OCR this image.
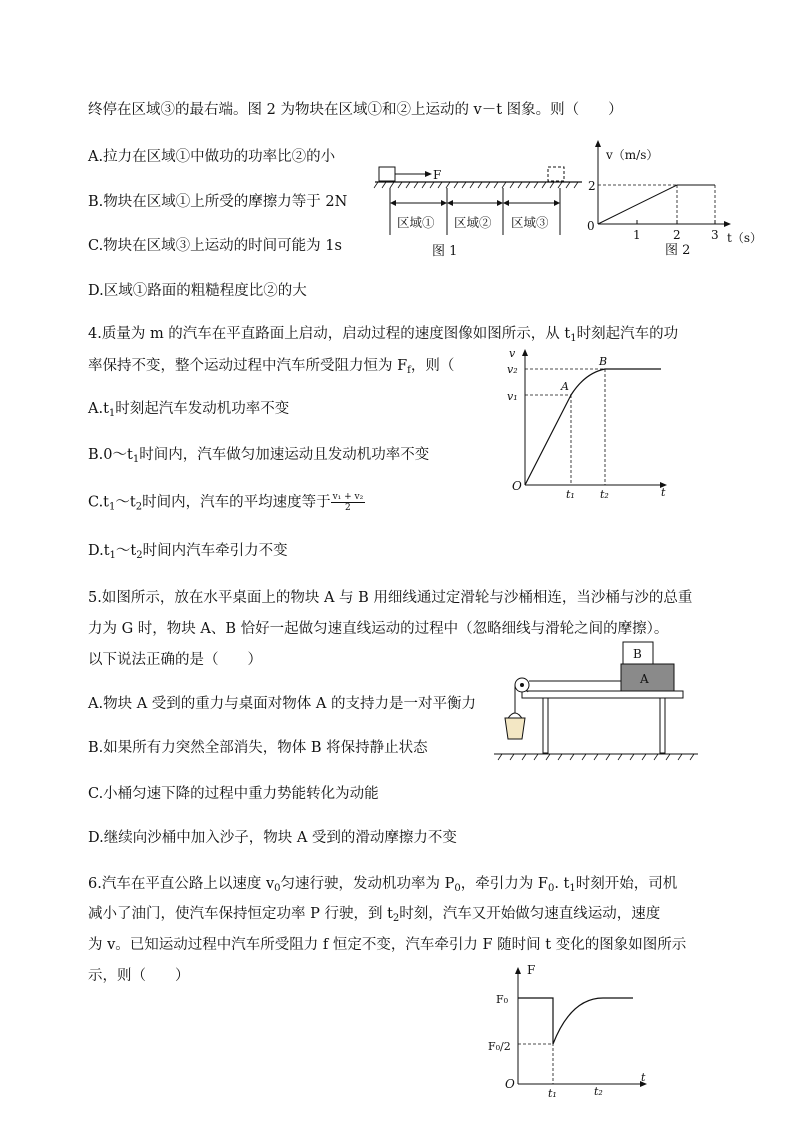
终停在区域③的最右端。图 2 为物块在区域①和②上运动的 v－t 图象。则（　　）
A.拉力在区域①中做功的功率比②的小
B.物块在区域①上所受的摩擦力等于 2N
C.物块在区域③上运动的时间可能为 1s
D.区域①路面的粗糙程度比②的大
F
区域① 区域② 区域③
图 1
v（m/s）
t（s）
2
0
1	2	3
图 2
4.质量为 m 的汽车在平直路面上启动，启动过程的速度图像如图所示，从 $t_1$时刻起汽车的功
率保持不变，整个运动过程中汽车所受阻力恒为 $F_f$，则（
$A.t_1$时刻起汽车发动机功率不变
$B.0\sim t_1$时间内，汽车做匀加速运动且发动机功率不变
$C.t_1\sim t_2$时间内，汽车的平均速度等于 $\frac{\text{v₁ + v₂}}{2}$
$D.t_1\sim t_2$时间内汽车牵引力不变
v
v₂
v₁
O
A
B
t₁ t₂	t
5.如图所示，放在水平桌面上的物块 A 与 B 用细线通过定滑轮与沙桶相连，当沙桶与沙的总重
力为 G 时，物块 A、B 恰好一起做匀速直线运动的过程中（忽略细线与滑轮之间的摩擦）。
以下说法正确的是（　　）
A.物块 A 受到的重力与桌面对物体 A 的支持力是一对平衡力
B.如果所有力突然全部消失，物体 B 将保持静止状态
C.小桶匀速下降的过程中重力势能转化为动能
D.继续向沙桶中加入沙子，物块 A 受到的滑动摩擦力不变
B
A
6.汽车在平直公路上以速度 $v_0$匀速行驶，发动机功率为 $P_0$，牵引力为 $F_0$. $t_1$时刻开始，司机
减小了油门，使汽车保持恒定功率 P 行驶，到 $t_2$时刻，汽车又开始做匀速直线运动，速度
为 v。已知运动过程中汽车所受阻力 f 恒定不变，汽车牵引力 F 随时间 t 变化的图象如图所示
示，则（　　）	F
F₀
F₀/2
O
t₁	t₂
t
